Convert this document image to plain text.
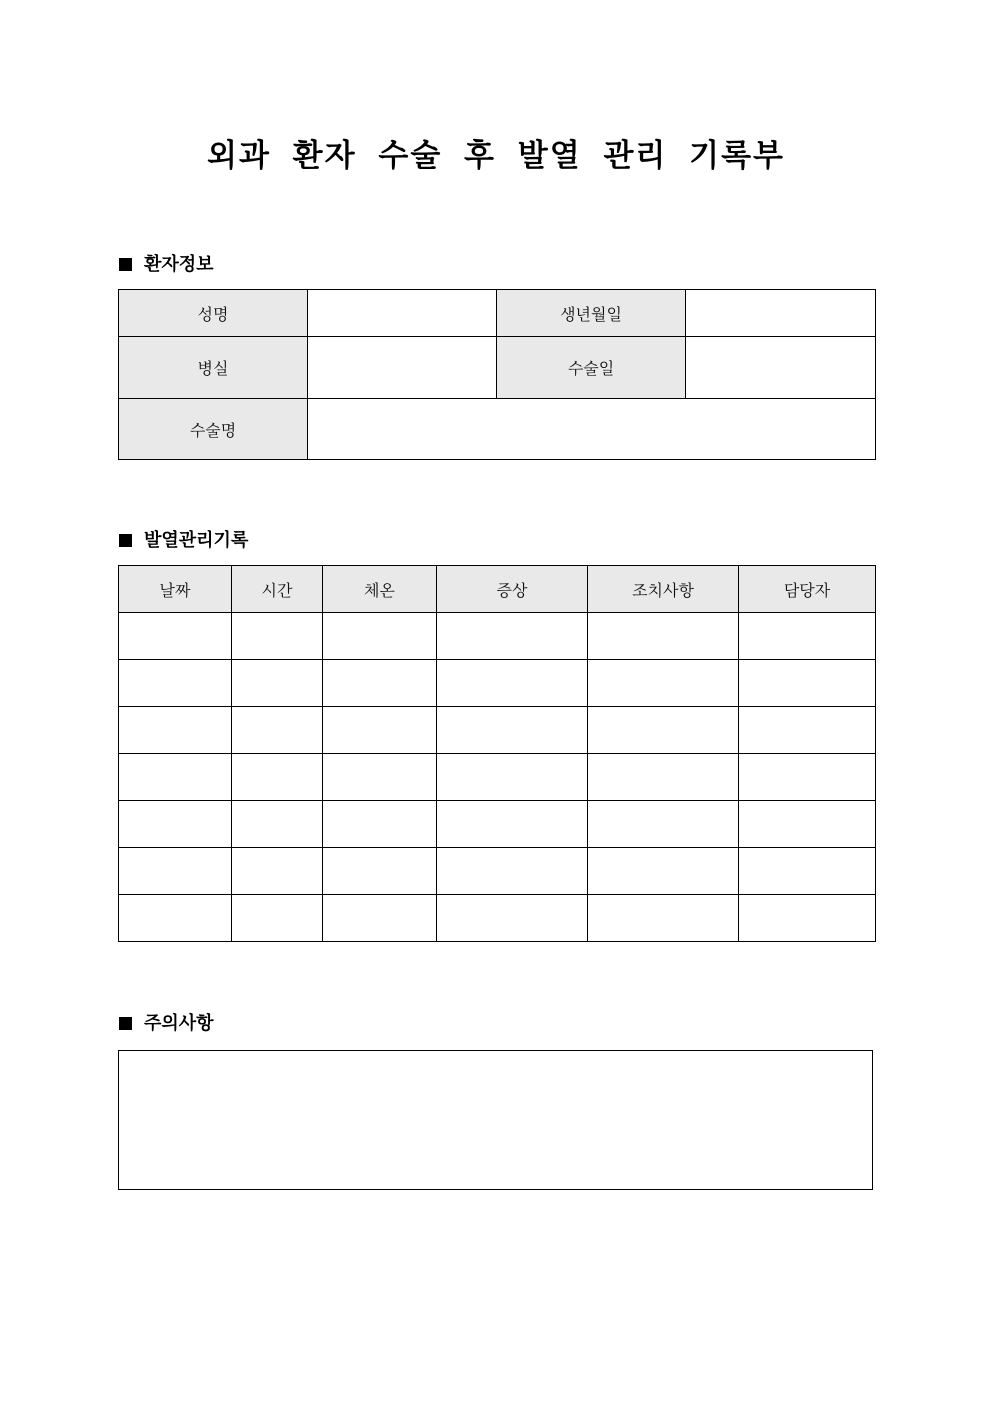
외과 환자 수술 후 발열 관리 기록부
환자정보
성명		생년월일	
병실		수술일	
수술명			
발열관리기록
날짜	시간	체온	증상	조치사항	담당자

주의사항
